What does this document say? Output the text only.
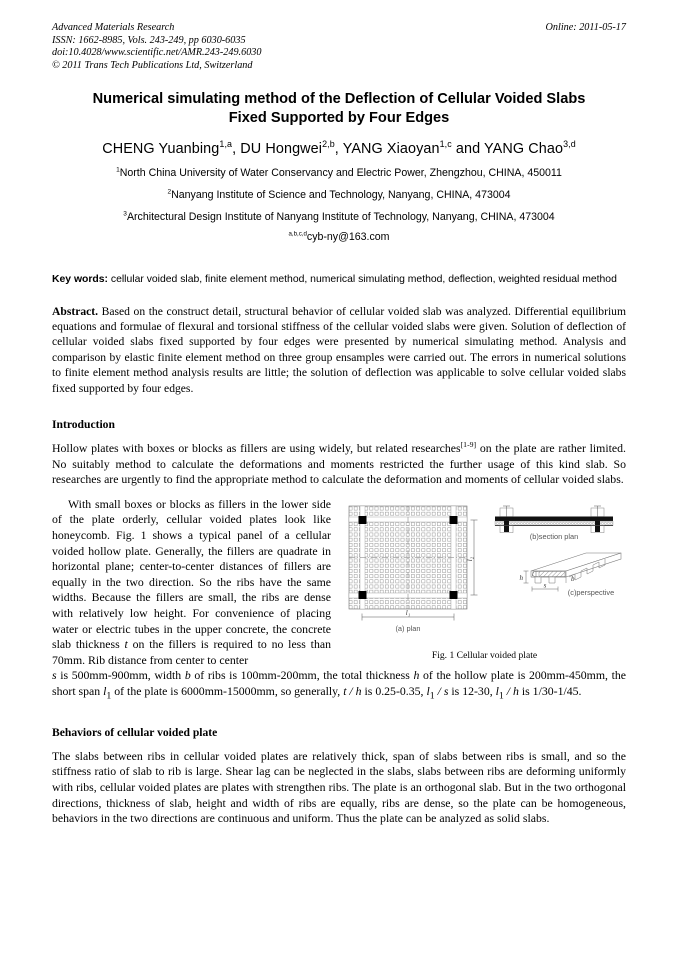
Advanced Materials Research
ISSN: 1662-8985, Vols. 243-249, pp 6030-6035
doi:10.4028/www.scientific.net/AMR.243-249.6030
© 2011 Trans Tech Publications Ltd, Switzerland
Online: 2011-05-17
Numerical simulating method of the Deflection of Cellular Voided Slabs
Fixed Supported by Four Edges
CHENG Yuanbing$^{1,a}$, DU Hongwei$^{2,b}$, YANG Xiaoyan$^{1,c}$ and YANG Chao$^{3,d}$
$^1$North China University of Water Conservancy and Electric Power, Zhengzhou, CHINA, 450011
$^2$Nanyang Institute of Science and Technology, Nanyang, CHINA, 473004
$^3$Architectural Design Institute of Nanyang Institute of Technology, Nanyang, CHINA, 473004
$^{a,b,c,d}$cyb-ny@163.com
Key words: cellular voided slab, finite element method, numerical simulating method, deflection, weighted residual method
Abstract. Based on the construct detail, structural behavior of cellular voided slab was analyzed. Differential equilibrium equations and formulae of flexural and torsional stiffness of the cellular voided slabs were given. Solution of deflection of cellular voided slabs fixed supported by four edges were presented by numerical simulating method. Analysis and comparison by elastic finite element method on three group ensamples were carried out. The errors in numerical solutions to finite element method analysis results are little; the solution of deflection was applicable to solve cellular voided slabs fixed supported by four edges.
Introduction

Hollow plates with boxes or blocks as fillers are using widely, but related researches[1-9] on the plate are rather limited. No suitably method to calculate the deformations and moments restricted the further usage of this kind slab. So researches are urgently to find the appropriate method to calculate the deformation and moments of cellular voided slabs.

l₂
l₁
(a) plan
(b)section plan
t
h	b
s
(c)perspective
Fig. 1 Cellular voided plate

With small boxes or blocks as fillers in the lower side of the plate orderly, cellular voided plates look like honeycomb. Fig. 1 shows a typical panel of a cellular voided hollow plate. Generally, the fillers are quadrate in horizontal plane; center-to-center distances of fillers are equally in the two direction. So the ribs have the same widths. Because the fillers are small, the ribs are dense with relatively low height. For convenience of placing water or electric tubes in the upper concrete, the concrete slab thickness t on the fillers is required to no less than 70mm. Rib distance from center to center

s is 500mm-900mm, width b of ribs is 100mm-200mm, the total thickness h of the hollow plate is 200mm-450mm, the short span $l_1$ of the plate is 6000mm-15000mm, so generally, t / h is 0.25-0.35, $l_1$ / s is 12-30, $l_1$ / h is 1/30-1/45.

Behaviors of cellular voided plate

The slabs between ribs in cellular voided plates are relatively thick, span of slabs between ribs is small, and so the stiffness ratio of slab to rib is large. Shear lag can be neglected in the slabs, slabs between ribs are deforming uniformly with ribs, cellular voided plates are plates with strengthen ribs. The plate is an orthogonal slab. But in the two orthogonal directions, thickness of slab, height and width of ribs are equally, ribs are dense, so the plate can be homogeneous, behaviors in the two directions are continuous and uniform. Thus the plate can be analyzed as solid slabs.
